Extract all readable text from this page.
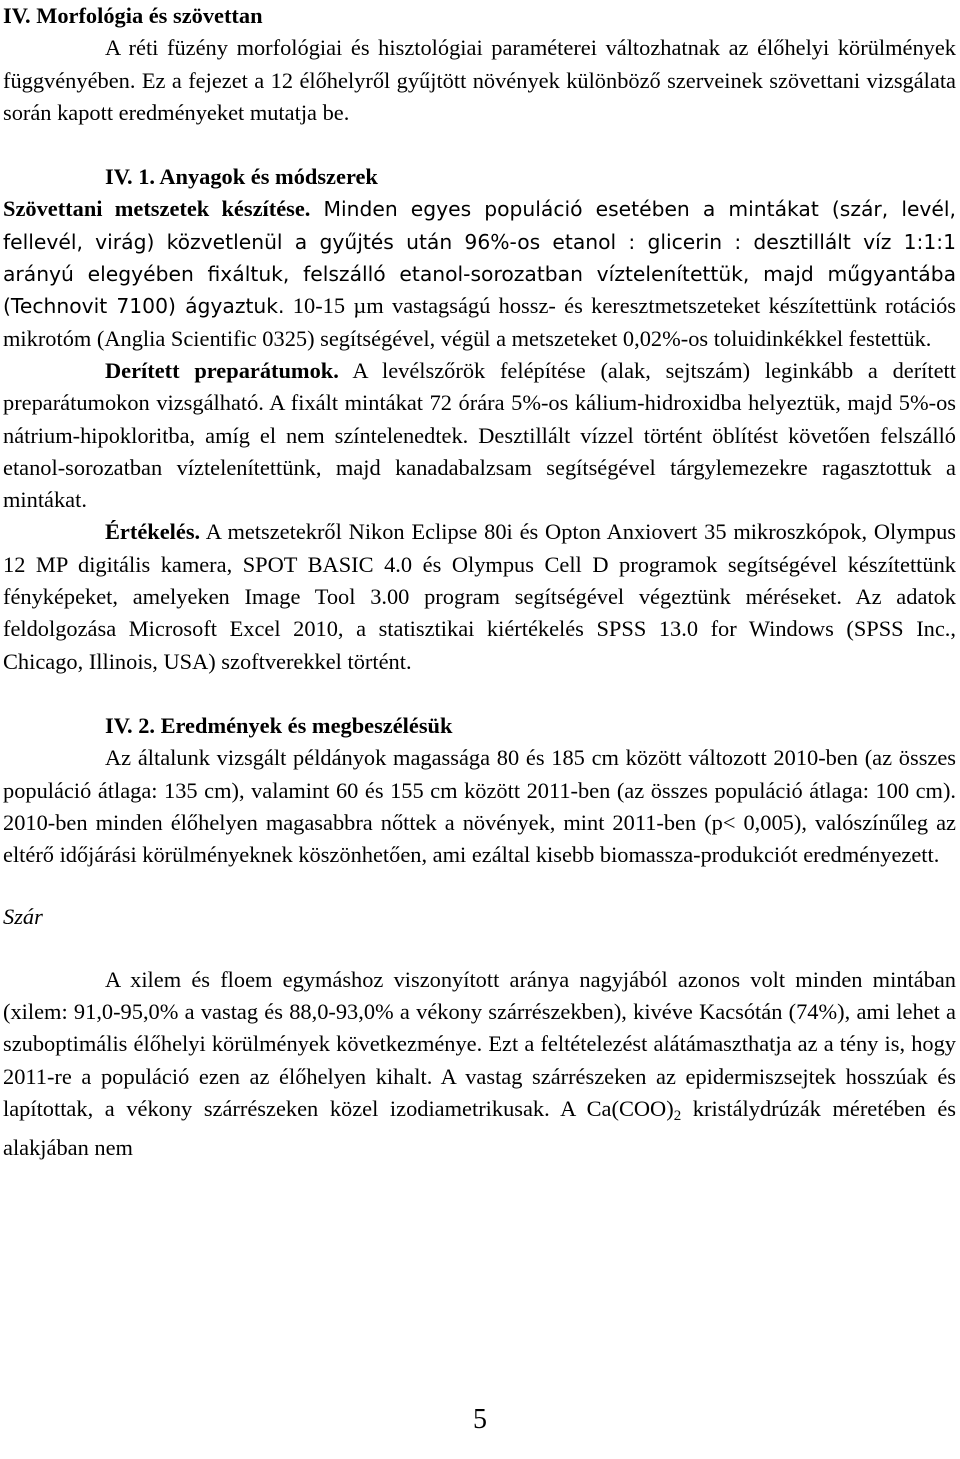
IV. Morfológia és szövettan

A réti füzény morfológiai és hisztológiai paraméterei változhatnak az élőhelyi körülmények függvényében. Ez a fejezet a 12 élőhelyről gyűjtött növények különböző szerveinek szövettani vizsgálata során kapott eredményeket mutatja be.

IV. 1. Anyagok és módszerek

Szövettani metszetek készítése. Minden egyes populáció esetében a mintákat (szár, levél, fellevél, virág) közvetlenül a gyűjtés után 96%-os etanol : glicerin : desztillált víz 1:1:1 arányú elegyében fixáltuk, felszálló etanol-sorozatban víztelenítettük, majd műgyantába (Technovit 7100) ágyaztuk. 10-15 µm vastagságú hossz- és keresztmetszeteket készítettünk rotációs mikrotóm (Anglia Scientific 0325) segítségével, végül a metszeteket 0,02%-os toluidinkékkel festettük.

Derített preparátumok. A levélszőrök felépítése (alak, sejtszám) leginkább a derített preparátumokon vizsgálható. A fixált mintákat 72 órára 5%-os kálium-hidroxidba helyeztük, majd 5%-os nátrium-hipokloritba, amíg el nem színtelenedtek. Desztillált vízzel történt öblítést követően felszálló etanol-sorozatban víztelenítettünk, majd kanadabalzsam segítségével tárgylemezekre ragasztottuk a mintákat.

Értékelés. A metszetekről Nikon Eclipse 80i és Opton Anxiovert 35 mikroszkópok, Olympus 12 MP digitális kamera, SPOT BASIC 4.0 és Olympus Cell D programok segítségével készítettünk fényképeket, amelyeken Image Tool 3.00 program segítségével végeztünk méréseket. Az adatok feldolgozása Microsoft Excel 2010, a statisztikai kiértékelés SPSS 13.0 for Windows (SPSS Inc., Chicago, Illinois, USA) szoftverekkel történt.

IV. 2. Eredmények és megbeszélésük

Az általunk vizsgált példányok magassága 80 és 185 cm között változott 2010-ben (az összes populáció átlaga: 135 cm), valamint 60 és 155 cm között 2011-ben (az összes populáció átlaga: 100 cm). 2010-ben minden élőhelyen magasabbra nőttek a növények, mint 2011-ben (p< 0,005), valószínűleg az eltérő időjárási körülményeknek köszönhetően, ami ezáltal kisebb biomassza-produkciót eredményezett.

Szár

A xilem és floem egymáshoz viszonyított aránya nagyjából azonos volt minden mintában (xilem: 91,0-95,0% a vastag és 88,0-93,0% a vékony szárrészekben), kivéve Kacsótán (74%), ami lehet a szuboptimális élőhelyi körülmények következménye. Ezt a feltételezést alátámaszthatja az a tény is, hogy 2011-re a populáció ezen az élőhelyen kihalt. A vastag szárrészeken az epidermiszsejtek hosszúak és lapítottak, a vékony szárrészeken közel izodiametrikusak. A $Ca(COO)_2$ kristálydrúzák méretében és alakjában nem

5
